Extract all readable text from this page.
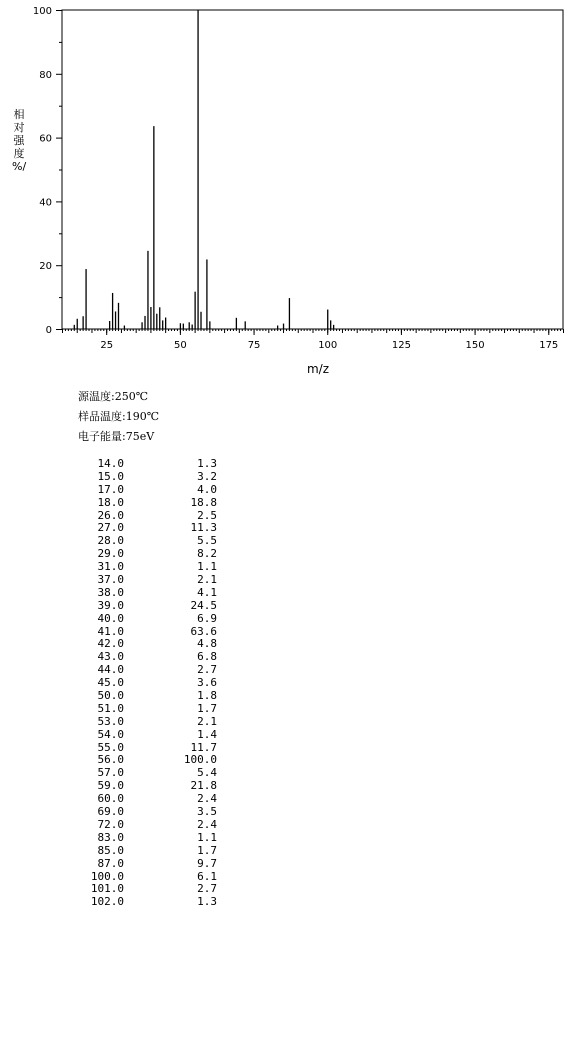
0
20
40
60
80
100
25	50	75	100	125	150	175
m/z
相
对
强
度
%/
源温度:250℃
样品温度:190℃
电子能量:75eV
14.0	1.3
15.0	3.2
17.0	4.0
18.0	18.8
26.0	2.5
27.0	11.3
28.0	5.5
29.0	8.2
31.0	1.1
37.0	2.1
38.0	4.1
39.0	24.5
40.0	6.9
41.0	63.6
42.0	4.8
43.0	6.8
44.0	2.7
45.0	3.6
50.0	1.8
51.0	1.7
53.0	2.1
54.0	1.4
55.0	11.7
56.0	100.0
57.0	5.4
59.0	21.8
60.0	2.4
69.0	3.5
72.0	2.4
83.0	1.1
85.0	1.7
87.0	9.7
100.0	6.1
101.0	2.7
102.0	1.3
